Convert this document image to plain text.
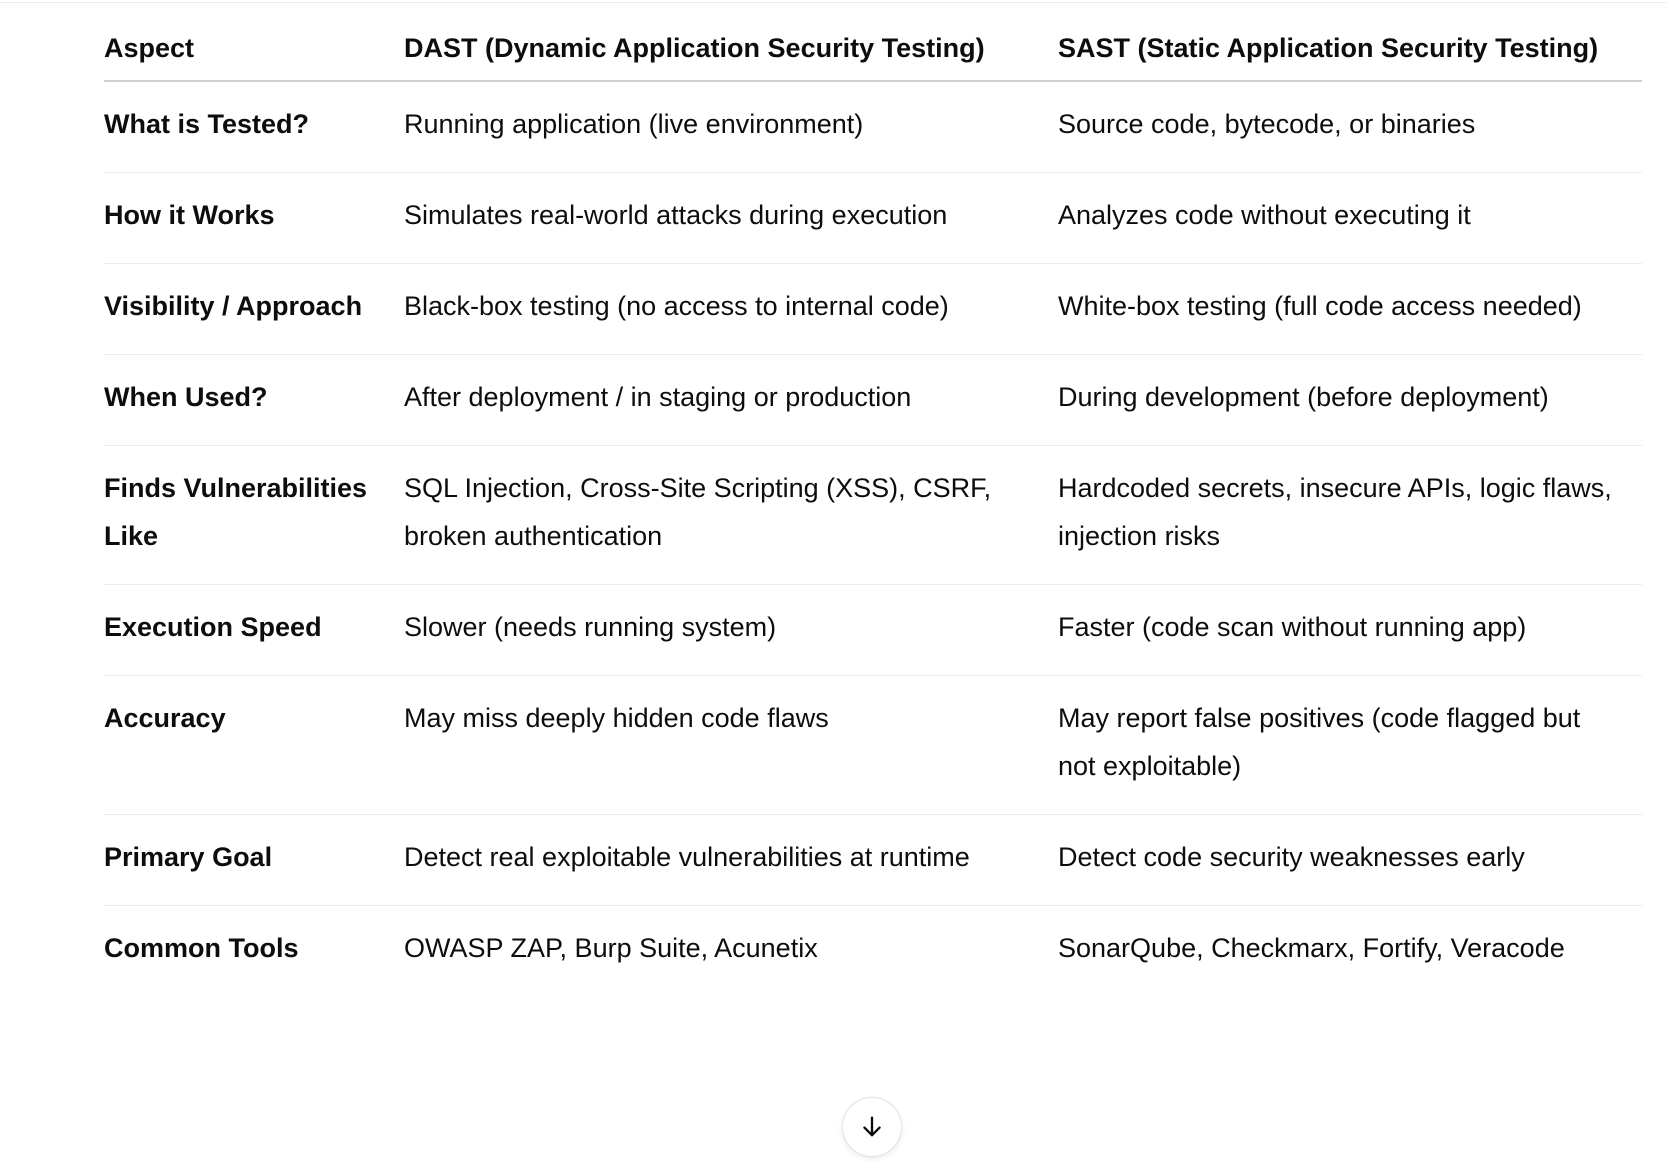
Aspect	DAST (Dynamic Application Security Testing)	SAST (Static Application Security Testing)
What is Tested?	Running application (live environment)	Source code, bytecode, or binaries
How it Works	Simulates real-world attacks during execution	Analyzes code without executing it
Visibility / Approach	Black-box testing (no access to internal code)	White-box testing (full code access needed)
When Used?	After deployment / in staging or production	During development (before deployment)
Finds Vulnerabilities Like	SQL Injection, Cross-Site Scripting (XSS), CSRF, broken authentication	Hardcoded secrets, insecure APIs, logic flaws, injection risks
Execution Speed	Slower (needs running system)	Faster (code scan without running app)
Accuracy	May miss deeply hidden code flaws	May report false positives (code flagged but not exploitable)
Primary Goal	Detect real exploitable vulnerabilities at runtime	Detect code security weaknesses early
Common Tools	OWASP ZAP, Burp Suite, Acunetix	SonarQube, Checkmarx, Fortify, Veracode
